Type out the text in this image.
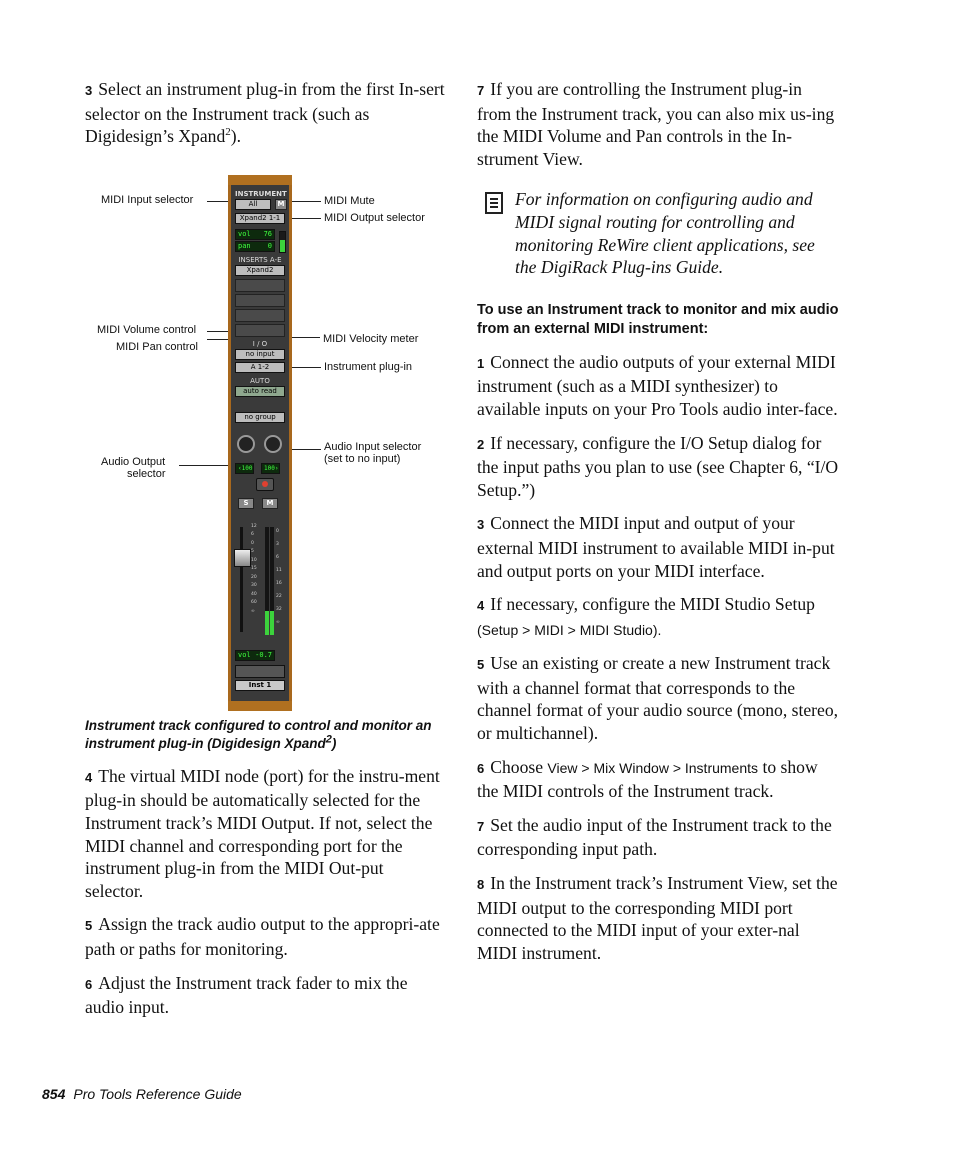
3 Select an instrument plug-in from the first In-sert selector on the Instrument track (such as Digidesign’s Xpand$^2$).

MIDI Input selector
MIDI Volume control
MIDI Pan control
Audio Output
selector
MIDI Mute
MIDI Output selector
MIDI Velocity meter
Instrument plug-in
Audio Input selector
(set to no input)
INSTRUMENT
All	M
Xpand2 1-1
vol 76
pan 0
INSERTS A-E
Xpand2
I / O
no input
A 1-2
AUTO
auto read
no group
‹100	100›
S	M
12
6
0
5
10
15
20
30
40
60
∞
0
3
6
11
16
22
32
∞
vol -0.7
Inst 1

Instrument track configured to control and monitor an instrument plug-in (Digidesign Xpand$^2$)

4 The virtual MIDI node (port) for the instru-ment plug-in should be automatically selected for the Instrument track’s MIDI Output. If not, select the MIDI channel and corresponding port for the instrument plug-in from the MIDI Out-put selector.

5 Assign the track audio output to the appropri-ate path or paths for monitoring.

6 Adjust the Instrument track fader to mix the audio input.

7 If you are controlling the Instrument plug-in from the Instrument track, you can also mix us-ing the MIDI Volume and Pan controls in the In-strument View.

For information on configuring audio and MIDI signal routing for controlling and monitoring ReWire client applications, see the DigiRack Plug-ins Guide.

To use an Instrument track to monitor and mix audio from an external MIDI instrument:

1 Connect the audio outputs of your external MIDI instrument (such as a MIDI synthesizer) to available inputs on your Pro Tools audio inter-face.

2 If necessary, configure the I/O Setup dialog for the input paths you plan to use (see Chapter 6, “I/O Setup.”)

3 Connect the MIDI input and output of your external MIDI instrument to available MIDI in-put and output ports on your MIDI interface.

4 If necessary, configure the MIDI Studio Setup
(Setup > MIDI > MIDI Studio).

5 Use an existing or create a new Instrument track with a channel format that corresponds to the channel format of your audio source (mono, stereo, or multichannel).

6 Choose View > Mix Window > Instruments to show the MIDI controls of the Instrument track.

7 Set the audio input of the Instrument track to the corresponding input path.

8 In the Instrument track’s Instrument View, set the MIDI output to the corresponding MIDI port connected to the MIDI input of your exter-nal MIDI instrument.

854 Pro Tools Reference Guide
